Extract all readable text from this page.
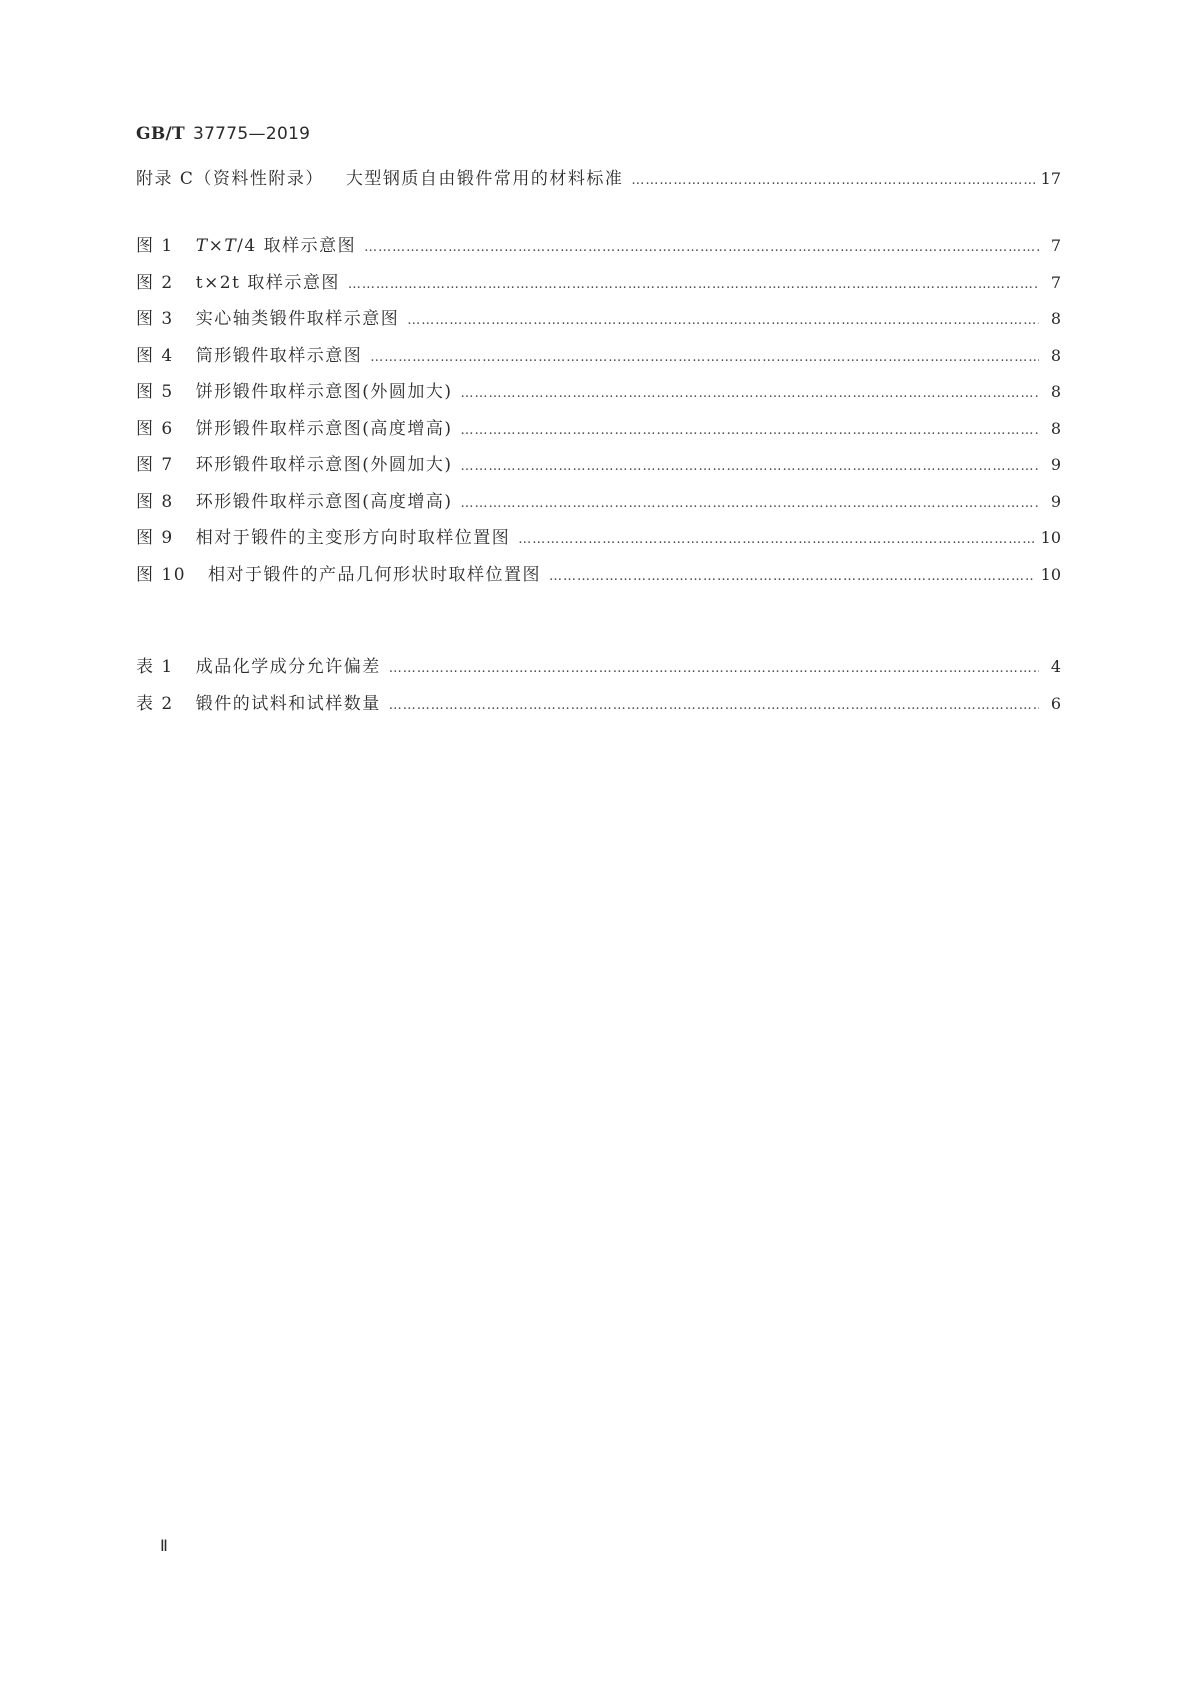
GB/T 37775—2019
附录 C（资料性附录） 大型钢质自由锻件常用的材料标准 …………………………………………………………………………………………………………………………………………………………………………………………………………………	17
图 1 T×T/4 取样示意图 …………………………………………………………………………………………………………………………………………………………………………………………………………………	7
图 2 t×2t 取样示意图 …………………………………………………………………………………………………………………………………………………………………………………………………………………	7
图 3 实心轴类锻件取样示意图 …………………………………………………………………………………………………………………………………………………………………………………………………………………	8
图 4 筒形锻件取样示意图 …………………………………………………………………………………………………………………………………………………………………………………………………………………	8
图 5 饼形锻件取样示意图(外圆加大) …………………………………………………………………………………………………………………………………………………………………………………………………………………	8
图 6 饼形锻件取样示意图(高度增高) …………………………………………………………………………………………………………………………………………………………………………………………………………………	8
图 7 环形锻件取样示意图(外圆加大) …………………………………………………………………………………………………………………………………………………………………………………………………………………	9
图 8 环形锻件取样示意图(高度增高) …………………………………………………………………………………………………………………………………………………………………………………………………………………	9
图 9 相对于锻件的主变形方向时取样位置图 …………………………………………………………………………………………………………………………………………………………………………………………………………………	10
图 10 相对于锻件的产品几何形状时取样位置图 …………………………………………………………………………………………………………………………………………………………………………………………………………………	10
表 1 成品化学成分允许偏差 …………………………………………………………………………………………………………………………………………………………………………………………………………………	4
表 2 锻件的试料和试样数量 …………………………………………………………………………………………………………………………………………………………………………………………………………………	6
Ⅱ
